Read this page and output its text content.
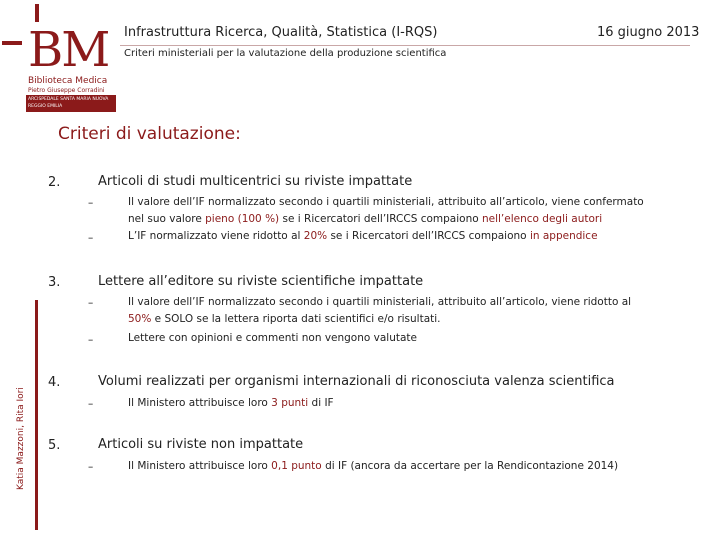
BM
Biblioteca Medica
Pietro Giuseppe Corradini
ARCISPEDALE SANTA MARIA NUOVA
REGGIO EMILIA
Infrastruttura Ricerca, Qualità, Statistica (I-RQS)	16 giugno 2013
Criteri ministeriali per la valutazione della produzione scientifica
Criteri di valutazione:
2.	Articoli di studi multicentrici su riviste impattate
–	Il valore dell’IF normalizzato secondo i quartili ministeriali, attribuito all’articolo, viene confermato
nel suo valore pieno (100 %) se i Ricercatori dell’IRCCS compaiono nell’elenco degli autori
–	L’IF normalizzato viene ridotto al 20% se i Ricercatori dell’IRCCS compaiono in appendice
3.	Lettere all’editore su riviste scientifiche impattate
–	Il valore dell’IF normalizzato secondo i quartili ministeriali, attribuito all’articolo, viene ridotto al
50% e SOLO se la lettera riporta dati scientifici e/o risultati.
–	Lettere con opinioni e commenti non vengono valutate
4.	Volumi realizzati per organismi internazionali di riconosciuta valenza scientifica
–	Il Ministero attribuisce loro 3 punti di IF
5.	Articoli su riviste non impattate
–	Il Ministero attribuisce loro 0,1 punto di IF (ancora da accertare per la Rendicontazione 2014)
Katia Mazzoni, Rita Iori
